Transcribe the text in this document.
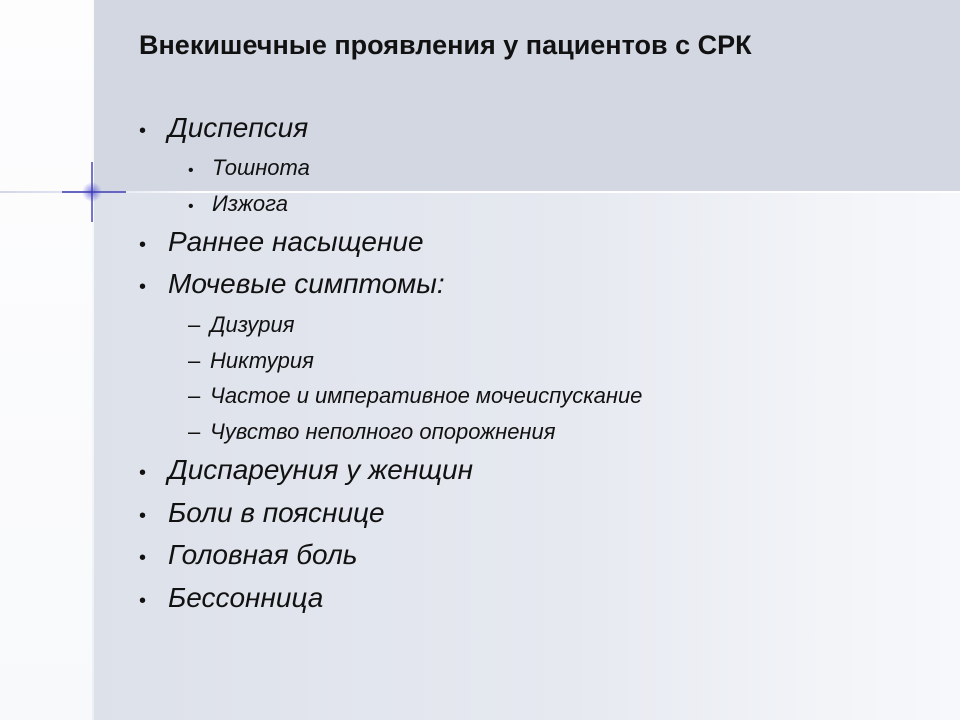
Внекишечные проявления у пациентов с СРК
• Диспепсия
• Тошнота
• Изжога
• Раннее насыщение
• Мочевые симптомы:
– Дизурия
– Никтурия
– Частое и императивное мочеиспускание
– Чувство неполного опорожнения
• Диспареуния у женщин
• Боли в пояснице
• Головная боль
• Бессонница
